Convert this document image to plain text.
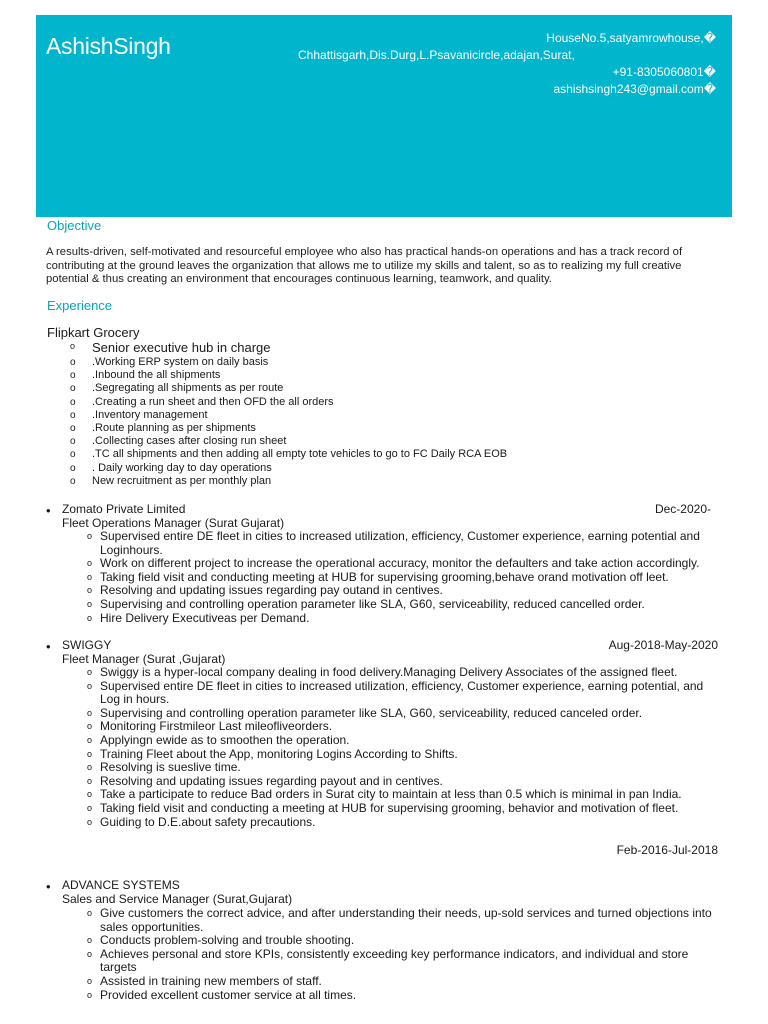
AshishSingh	HouseNo.5,satyamrowhouse,�
Chhattisgarh,Dis.Durg,L.Psavanicircle,adajan,Surat,
+91-8305060801�
ashishsingh243@gmail.com�
Objective
A results-driven, self-motivated and resourceful employee who also has practical hands-on operations and has a track record of contributing at the ground leaves the organization that allows me to utilize my skills and talent, so as to realizing my full creative potential & thus creating an environment that encourages continuous learning, teamwork, and quality.
Experience
Flipkart Grocery
o Senior executive hub in charge
o .Working ERP system on daily basis
o .Inbound the all shipments
o .Segregating all shipments as per route
o .Creating a run sheet and then OFD the all orders
o .Inventory management
o .Route planning as per shipments
o .Collecting cases after closing run sheet
o .TC all shipments and then adding all empty tote vehicles to go to FC Daily RCA EOB
o . Daily working day to day operations
o New recruitment as per monthly plan
• Zomato Private Limited	Dec-2020-
Fleet Operations Manager (Surat Gujarat)
o Supervised entire DE fleet in cities to increased utilization, efficiency, Customer experience, earning potential and Loginhours.
o Work on different project to increase the operational accuracy, monitor the defaulters and take action accordingly.
o Taking field visit and conducting meeting at HUB for supervising grooming,behave orand motivation off leet.
o Resolving and updating issues regarding pay outand in centives.
o Supervising and controlling operation parameter like SLA, G60, serviceability, reduced cancelled order.
o Hire Delivery Executiveas per Demand.
• SWIGGY	Aug-2018-May-2020
Fleet Manager (Surat ,Gujarat)
o Swiggy is a hyper-local company dealing in food delivery.Managing Delivery Associates of the assigned fleet.
o Supervised entire DE fleet in cities to increased utilization, efficiency, Customer experience, earning potential, and Log in hours.
o Supervising and controlling operation parameter like SLA, G60, serviceability, reduced canceled order.
o Monitoring Firstmileor Last mileofliveorders.
o Applyingn ewide as to smoothen the operation.
o Training Fleet about the App, monitoring Logins According to Shifts.
o Resolving is sueslive time.
o Resolving and updating issues regarding payout and in centives.
o Take a participate to reduce Bad orders in Surat city to maintain at less than 0.5 which is minimal in pan India.
o Taking field visit and conducting a meeting at HUB for supervising grooming, behavior and motivation of fleet.
o Guiding to D.E.about safety precautions.
Feb-2016-Jul-2018
• ADVANCE SYSTEMS
Sales and Service Manager (Surat,Gujarat)
o Give customers the correct advice, and after understanding their needs, up-sold services and turned objections into sales opportunities.
o Conducts problem-solving and trouble shooting.
o Achieves personal and store KPIs, consistently exceeding key performance indicators, and individual and store targets
o Assisted in training new members of staff.
o Provided excellent customer service at all times.
